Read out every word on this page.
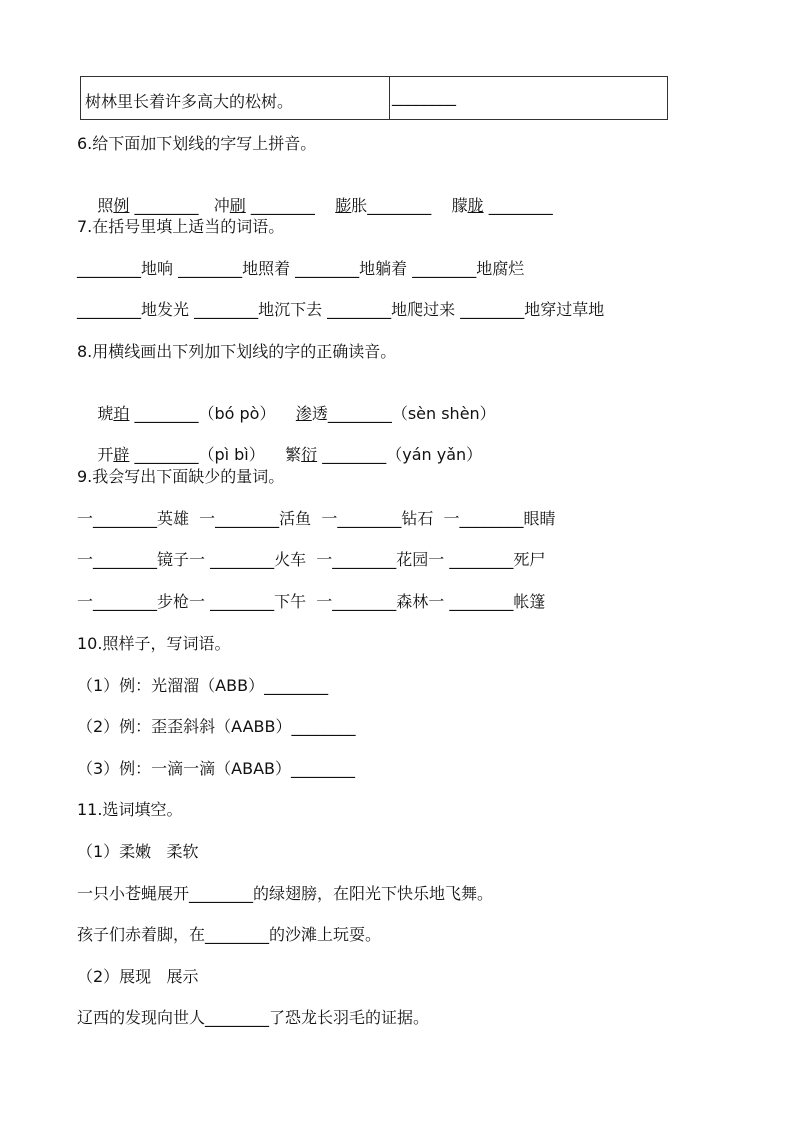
树林里长着许多高大的松树。	________
6.给下面加下划线的字写上拼音。

照例 ________ 冲刷 ________ 膨胀________ 朦胧 ________

7.在括号里填上适当的词语。
________地响 ________地照着 ________地躺着 ________地腐烂
________地发光 ________地沉下去 ________地爬过来 ________地穿过草地
8.用横线画出下列加下划线的字的正确读音。

琥珀 ________（bó pò）    渗透________（sèn shèn）

开辟 ________（pì bì）    繁衍 ________（yán yǎn）

9.我会写出下面缺少的量词。
一________英雄  一________活鱼  一________钻石  一________眼睛
一________镜子一 ________火车  一________花园一 ________死尸
一________步枪一 ________下午  一________森林一 ________帐篷
10.照样子，写词语。
（1）例：光溜溜（ABB）________
（2）例：歪歪斜斜（AABB）________
（3）例：一滴一滴（ABAB）________
11.选词填空。
（1）柔嫩   柔软
一只小苍蝇展开________的绿翅膀，在阳光下快乐地飞舞。
孩子们赤着脚，在________的沙滩上玩耍。
（2）展现   展示
辽西的发现向世人________了恐龙长羽毛的证据。
